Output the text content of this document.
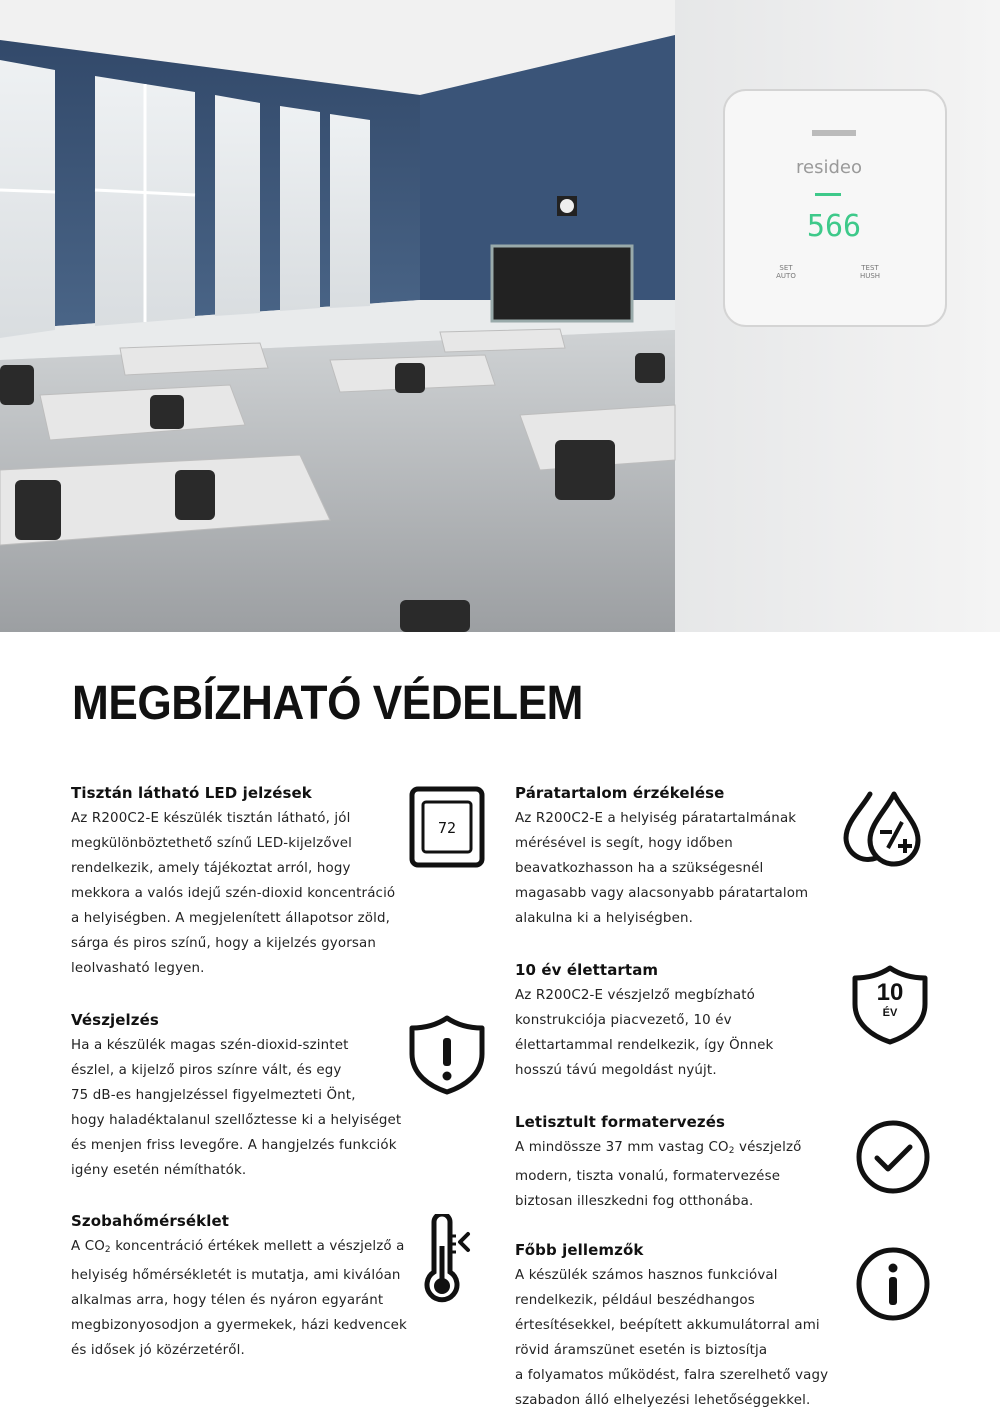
resideo
566
SET
AUTO
TEST
HUSH
MEGBÍZHATÓ VÉDELEM
Tisztán látható LED jelzések

Az R200C2-E készülék tisztán látható, jól
megkülönböztethető színű LED-kijelzővel
rendelkezik, amely tájékoztat arról, hogy
mekkora a valós idejű szén-dioxid koncentráció
a helyiségben. A megjelenített állapotsor zöld,
sárga és piros színű, hogy a kijelzés gyorsan
leolvasható legyen.

Vészjelzés

Ha a készülék magas szén-dioxid-szintet
észlel, a kijelző piros színre vált, és egy
75 dB-es hangjelzéssel figyelmezteti Önt,
hogy haladéktalanul szellőztesse ki a helyiséget
és menjen friss levegőre. A hangjelzés funkciók
igény esetén némíthatók.

Szobahőmérséklet

A $CO_2$ koncentráció értékek mellett a vészjelző a
helyiség hőmérsékletét is mutatja, ami kiválóan
alkalmas arra, hogy télen és nyáron egyaránt
megbizonyosodjon a gyermekek, házi kedvencek
és idősek jó közérzetéről.

Páratartalom érzékelése

Az R200C2-E a helyiség páratartalmának
mérésével is segít, hogy időben
beavatkozhasson ha a szükségesnél
magasabb vagy alacsonyabb páratartalom
alakulna ki a helyiségben.

10 év élettartam

Az R200C2-E vészjelző megbízható
konstrukciója piacvezető, 10 év
élettartammal rendelkezik, így Önnek
hosszú távú megoldást nyújt.

Letisztult formatervezés

A mindössze 37 mm vastag $CO_2$ vészjelző
modern, tiszta vonalú, formatervezése
biztosan illeszkedni fog otthonába.

Főbb jellemzők

A készülék számos hasznos funkcióval
rendelkezik, például beszédhangos
értesítésekkel, beépített akkumulátorral ami
rövid áramszünet esetén is biztosítja
a folyamatos működést, falra szerelhető vagy
szabadon álló elhelyezési lehetőséggekkel.

72
10
ÉV
